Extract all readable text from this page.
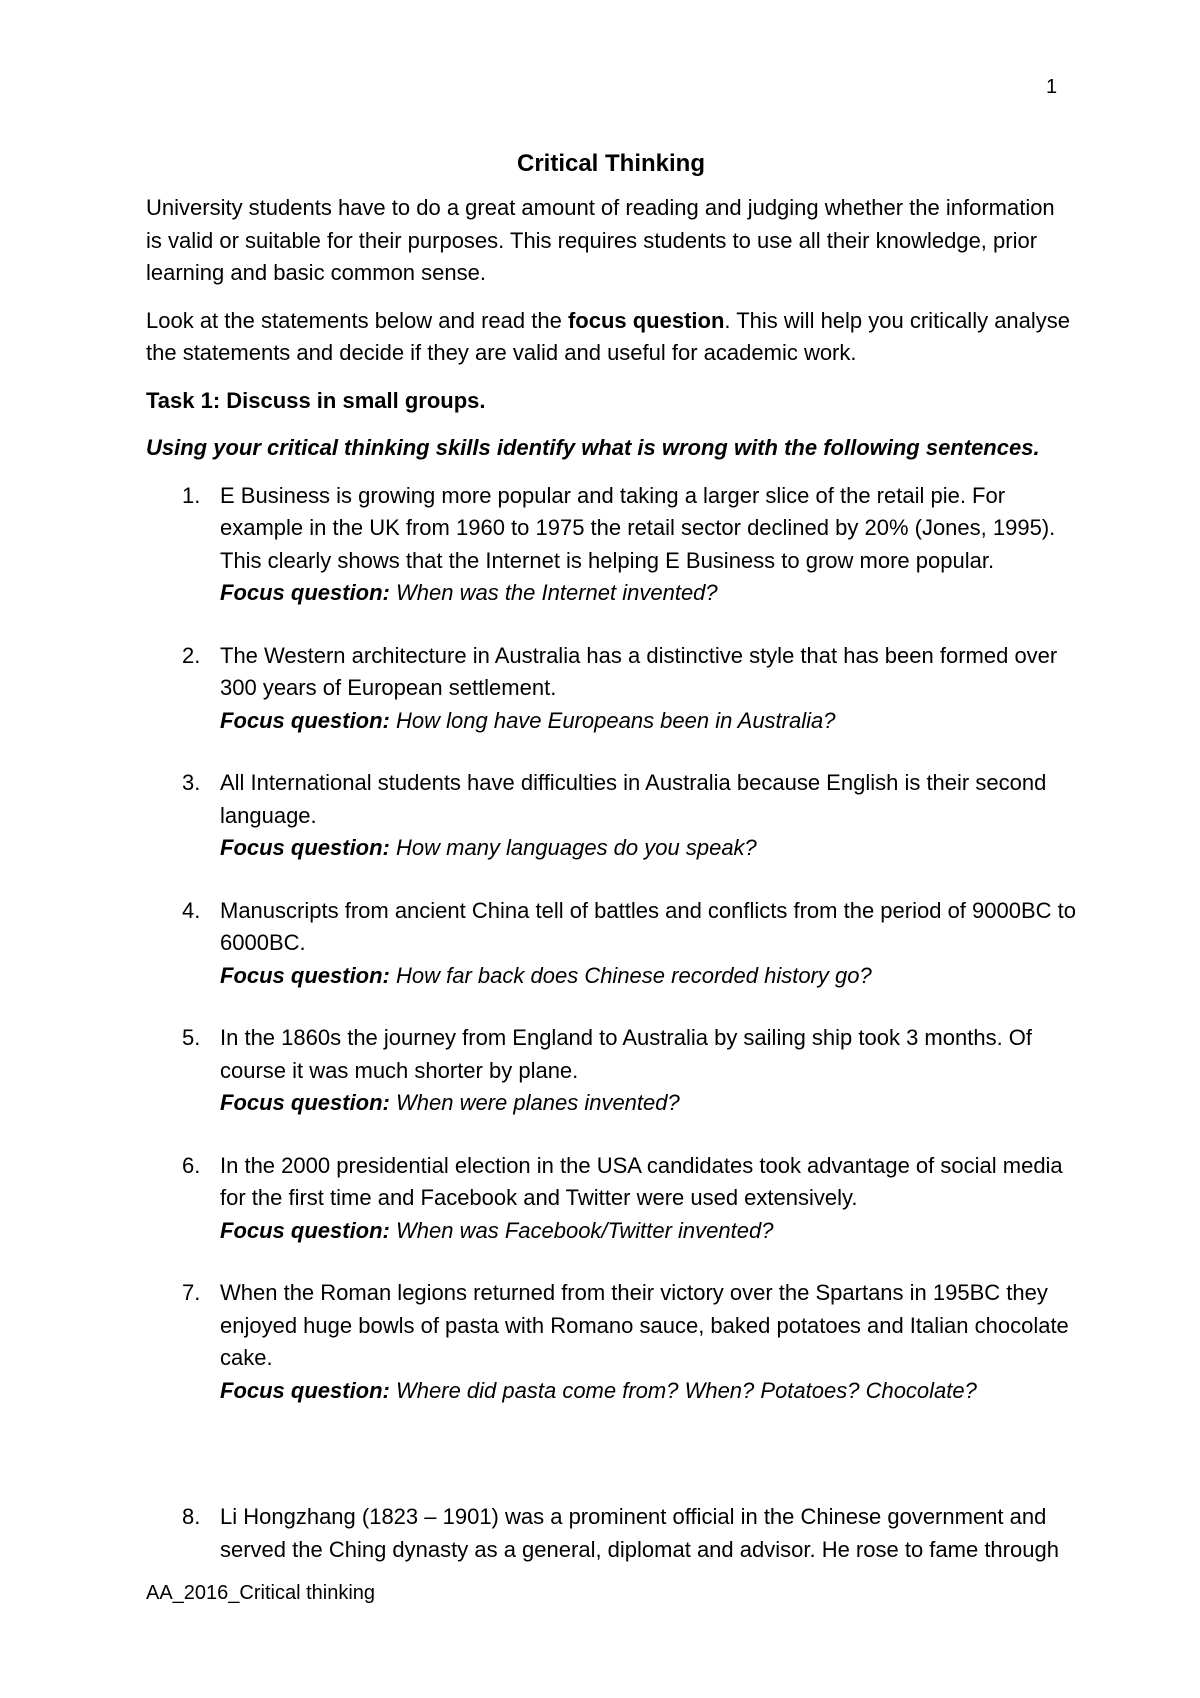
1
Critical Thinking

University students have to do a great amount of reading and judging whether the information is valid or suitable for their purposes. This requires students to use all their knowledge, prior learning and basic common sense.

Look at the statements below and read the focus question. This will help you critically analyse the statements and decide if they are valid and useful for academic work.

Task 1: Discuss in small groups.

Using your critical thinking skills identify what is wrong with the following sentences.

1. E Business is growing more popular and taking a larger slice of the retail pie. For example in the UK from 1960 to 1975 the retail sector declined by 20% (Jones, 1995). This clearly shows that the Internet is helping E Business to grow more popular.
Focus question: When was the Internet invented?
2. The Western architecture in Australia has a distinctive style that has been formed over 300 years of European settlement.
Focus question: How long have Europeans been in Australia?
3. All International students have difficulties in Australia because English is their second language.
Focus question: How many languages do you speak?
4. Manuscripts from ancient China tell of battles and conflicts from the period of 9000BC to 6000BC.
Focus question: How far back does Chinese recorded history go?
5. In the 1860s the journey from England to Australia by sailing ship took 3 months. Of course it was much shorter by plane.
Focus question: When were planes invented?
6. In the 2000 presidential election in the USA candidates took advantage of social media for the first time and Facebook and Twitter were used extensively.
Focus question: When was Facebook/Twitter invented?
7. When the Roman legions returned from their victory over the Spartans in 195BC they enjoyed huge bowls of pasta with Romano sauce, baked potatoes and Italian chocolate cake.
Focus question: Where did pasta come from? When? Potatoes? Chocolate?
8. Li Hongzhang (1823 – 1901) was a prominent official in the Chinese government and served the Ching dynasty as a general, diplomat and advisor. He rose to fame through
AA_2016_Critical thinking
